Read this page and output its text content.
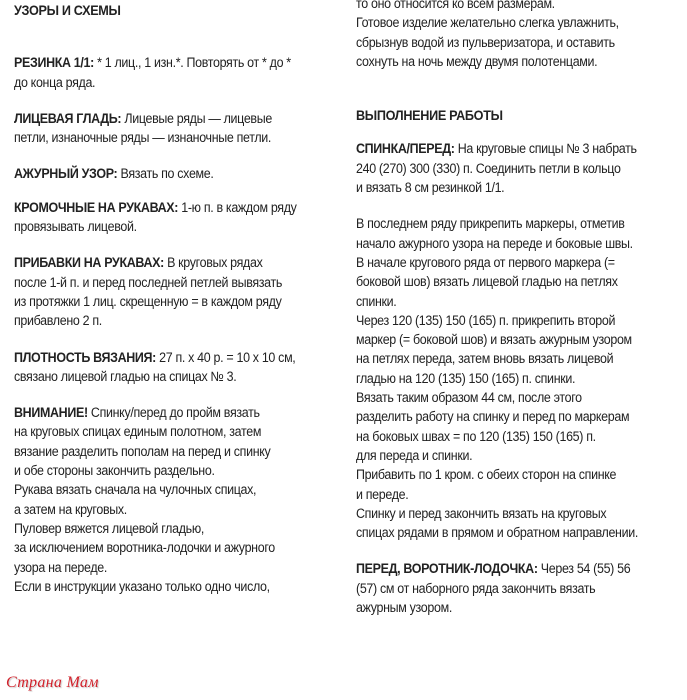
УЗОРЫ И СХЕМЫ
РЕЗИНКА 1/1: * 1 лиц., 1 изн.*. Повторять от * до *
до конца ряда.
ЛИЦЕВАЯ ГЛАДЬ: Лицевые ряды — лицевые
петли, изнаночные ряды — изнаночные петли.
АЖУРНЫЙ УЗОР: Вязать по схеме.
КРОМОЧНЫЕ НА РУКАВАХ: 1-ю п. в каждом ряду
провязывать лицевой.
ПРИБАВКИ НА РУКАВАХ: В круговых рядах
после 1-й п. и перед последней петлей вывязать
из протяжки 1 лиц. скрещенную = в каждом ряду
прибавлено 2 п.
ПЛОТНОСТЬ ВЯЗАНИЯ: 27 п. х 40 р. = 10 х 10 см,
связано лицевой гладью на спицах № 3.
ВНИМАНИЕ! Спинку/перед до пройм вязать
на круговых спицах единым полотном, затем
вязание разделить пополам на перед и спинку
и обе стороны закончить раздельно.
Рукава вязать сначала на чулочных спицах,
а затем на круговых.
Пуловер вяжется лицевой гладью,
за исключением воротника-лодочки и ажурного
узора на переде.
Если в инструкции указано только одно число,
то оно относится ко всем размерам.
Готовое изделие желательно слегка увлажнить,
сбрызнув водой из пульверизатора, и оставить
сохнуть на ночь между двумя полотенцами.
ВЫПОЛНЕНИЕ РАБОТЫ
СПИНКА/ПЕРЕД: На круговые спицы № 3 набрать
240 (270) 300 (330) п. Соединить петли в кольцо
и вязать 8 см резинкой 1/1.
В последнем ряду прикрепить маркеры, отметив
начало ажурного узора на переде и боковые швы.
В начале кругового ряда от первого маркера (=
боковой шов) вязать лицевой гладью на петлях
спинки.
Через 120 (135) 150 (165) п. прикрепить второй
маркер (= боковой шов) и вязать ажурным узором
на петлях переда, затем вновь вязать лицевой
гладью на 120 (135) 150 (165) п. спинки.
Вязать таким образом 44 см, после этого
разделить работу на спинку и перед по маркерам
на боковых швах = по 120 (135) 150 (165) п.
для переда и спинки.
Прибавить по 1 кром. с обеих сторон на спинке
и переде.
Спинку и перед закончить вязать на круговых
спицах рядами в прямом и обратном направлении.
ПЕРЕД, ВОРОТНИК-ЛОДОЧКА: Через 54 (55) 56
(57) см от наборного ряда закончить вязать
ажурным узором.
Страна Мам
